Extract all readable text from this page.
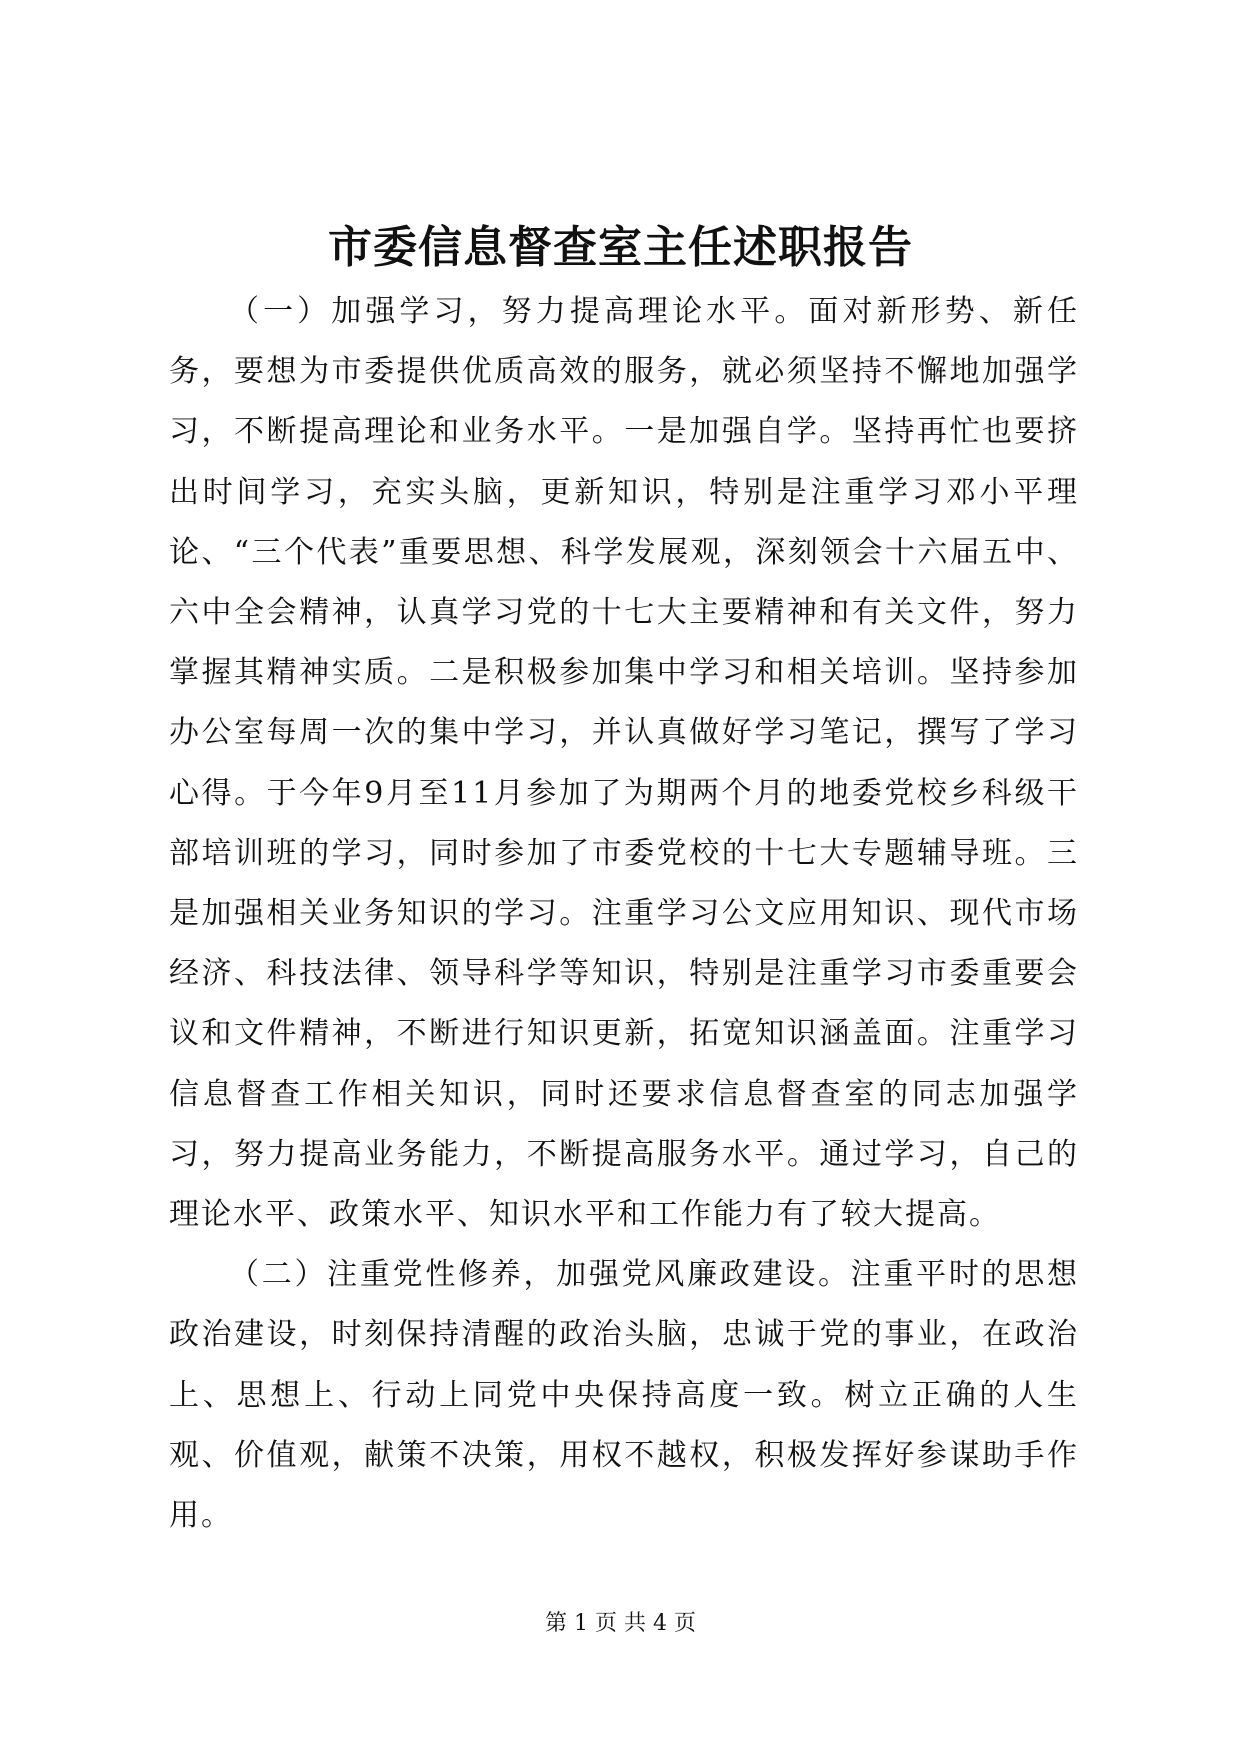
市委信息督查室主任述职报告

（一）加强学习，努力提高理论水平。面对新形势、新任务，要想为市委提供优质高效的服务，就必须坚持不懈地加强学习，不断提高理论和业务水平。一是加强自学。坚持再忙也要挤出时间学习，充实头脑，更新知识，特别是注重学习邓小平理论、“三个代表”重要思想、科学发展观，深刻领会十六届五中、六中全会精神，认真学习党的十七大主要精神和有关文件，努力掌握其精神实质。二是积极参加集中学习和相关培训。坚持参加办公室每周一次的集中学习，并认真做好学习笔记，撰写了学习心得。于今年9月至11月参加了为期两个月的地委党校乡科级干部培训班的学习，同时参加了市委党校的十七大专题辅导班。三是加强相关业务知识的学习。注重学习公文应用知识、现代市场经济、科技法律、领导科学等知识，特别是注重学习市委重要会议和文件精神，不断进行知识更新，拓宽知识涵盖面。注重学习信息督查工作相关知识，同时还要求信息督查室的同志加强学习，努力提高业务能力，不断提高服务水平。通过学习，自己的理论水平、政策水平、知识水平和工作能力有了较大提高。

（二）注重党性修养，加强党风廉政建设。注重平时的思想政治建设，时刻保持清醒的政治头脑，忠诚于党的事业，在政治上、思想上、行动上同党中央保持高度一致。树立正确的人生观、价值观，献策不决策，用权不越权，积极发挥好参谋助手作用。

第 1 页 共 4 页
